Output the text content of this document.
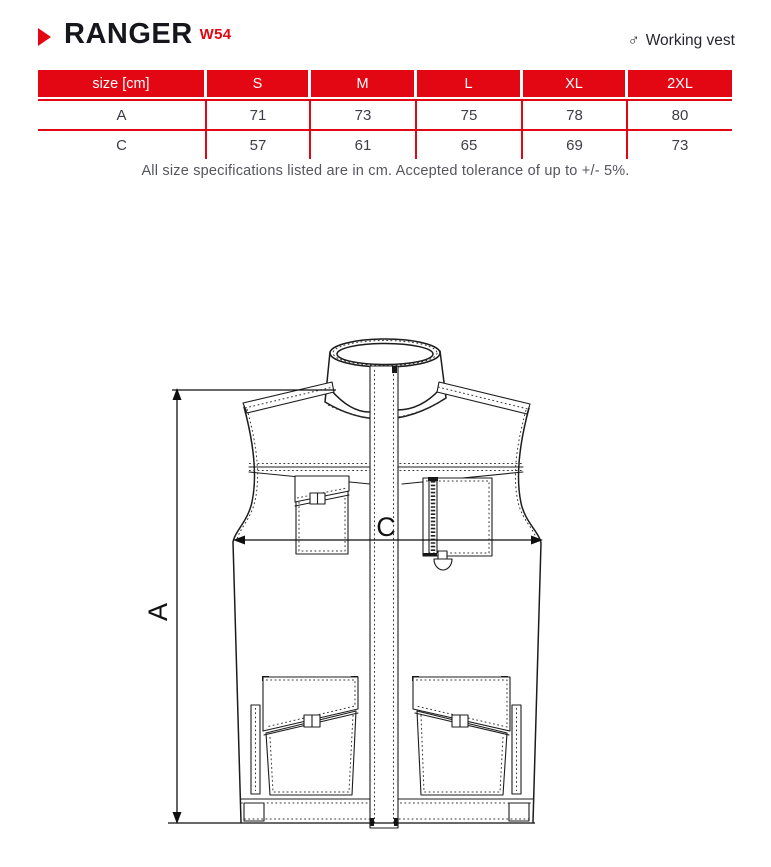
RANGER W54	♂ Working vest
size [cm]	S	M	L	XL	2XL
A	71	73	75	78	80
C	57	61	65	69	73
All size specifications listed are in cm. Accepted tolerance of up to +/- 5%.
A
C
